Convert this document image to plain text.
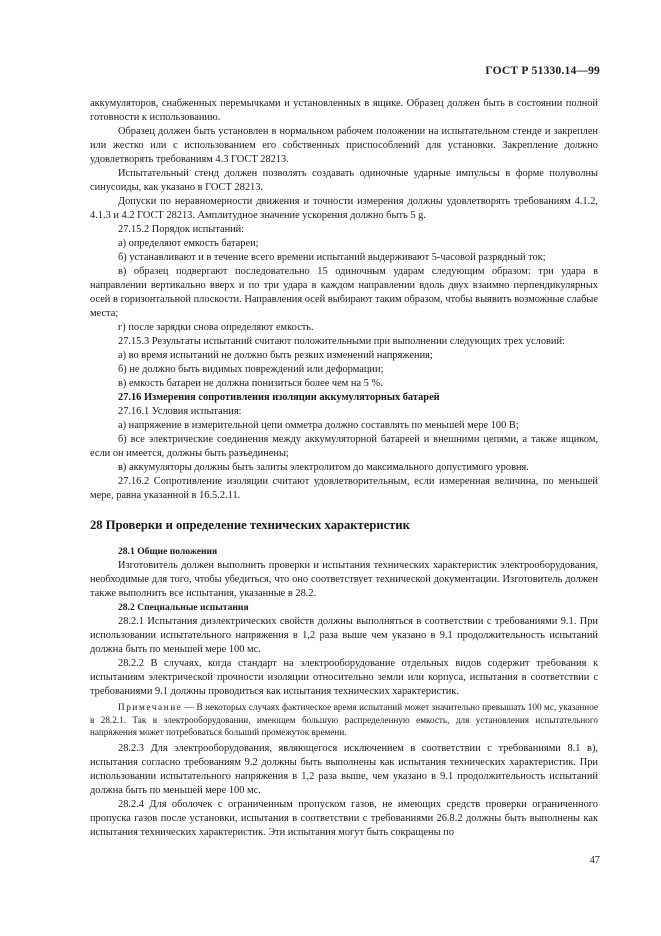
ГОСТ Р 51330.14—99

аккумуляторов, снабженных перемычками и установленных в ящике. Образец должен быть в состоянии полной готовности к использованию.

Образец должен быть установлен в нормальном рабочем положении на испытательном стенде и закреплен или жестко или с использованием его собственных приспособлений для установки. Закрепление должно удовлетворять требованиям 4.3 ГОСТ 28213.

Испытательный стенд должен позволять создавать одиночные ударные импульсы в форме полуволны синусоиды, как указано в ГОСТ 28213.

Допуски по неравномерности движения и точности измерения должны удовлетворять требованиям 4.1.2, 4.1.3 и 4.2 ГОСТ 28213. Амплитудное значение ускорения должно быть 5 g.

27.15.2 Порядок испытаний:

а) определяют емкость батареи;

б) устанавливают и в течение всего времени испытаний выдерживают 5-часовой разрядный ток;

в) образец подвергают последовательно 15 одиночным ударам следующим образом: три удара в направлении вертикально вверх и по три удара в каждом направлении вдоль двух взаимно перпендикулярных осей в горизонтальной плоскости. Направления осей выбирают таким образом, чтобы выявить возможные слабые места;

г) после зарядки снова определяют емкость.

27.15.3 Результаты испытаний считают положительными при выполнении следующих трех условий:

а) во время испытаний не должно быть резких изменений напряжения;

б) не должно быть видимых повреждений или деформации;

в) емкость батареи не должна понизиться более чем на 5 %.

27.16 Измерения сопротивления изоляции аккумуляторных батарей

27.16.1 Условия испытания:

а) напряжение в измерительной цепи омметра должно составлять по меньшей мере 100 В;

б) все электрические соединения между аккумуляторной батареей и внешними цепями, а также ящиком, если он имеется, должны быть разъединены;

в) аккумуляторы должны быть залиты электролитом до максимального допустимого уровня.

27.16.2 Сопротивление изоляции считают удовлетворительным, если измеренная величина, по меньшей мере, равна указанной в 16.5.2.11.

28 Проверки и определение технических характеристик

28.1 Общие положения

Изготовитель должен выполнить проверки и испытания технических характеристик электрооборудования, необходимые для того, чтобы убедиться, что оно соответствует технической документации. Изготовитель должен также выполнить все испытания, указанные в 28.2.

28.2 Специальные испытания

28.2.1 Испытания диэлектрических свойств должны выполняться в соответствии с требованиями 9.1. При использовании испытательного напряжения в 1,2 раза выше чем указано в 9.1 продолжительность испытаний должна быть по меньшей мере 100 мс.

28.2.2 В случаях, когда стандарт на электрооборудование отдельных видов содержит требования к испытаниям электрической прочности изоляции относительно земли или корпуса, испытания в соответствии с требованиями 9.1 должны проводиться как испытания технических характеристик.

Примечание — В некоторых случаях фактическое время испытаний может значительно превышать 100 мс, указанное в 28.2.1. Так в электрооборудовании, имеющем большую распределенную емкость, для установления испытательного напряжения может потребоваться больший промежуток времени.

28.2.3 Для электрооборудования, являющегося исключением в соответствии с требованиями 8.1 в), испытания согласно требованиям 9.2 должны быть выполнены как испытания технических характеристик. При использовании испытательного напряжения в 1,2 раза выше, чем указано в 9.1 продолжительность испытаний должна быть по меньшей мере 100 мс.

28.2.4 Для оболочек с ограниченным пропуском газов, не имеющих средств проверки ограниченного пропуска газов после установки, испытания в соответствии с требованиями 26.8.2 должны быть выполнены как испытания технических характеристик. Эти испытания могут быть сокращены по

47
